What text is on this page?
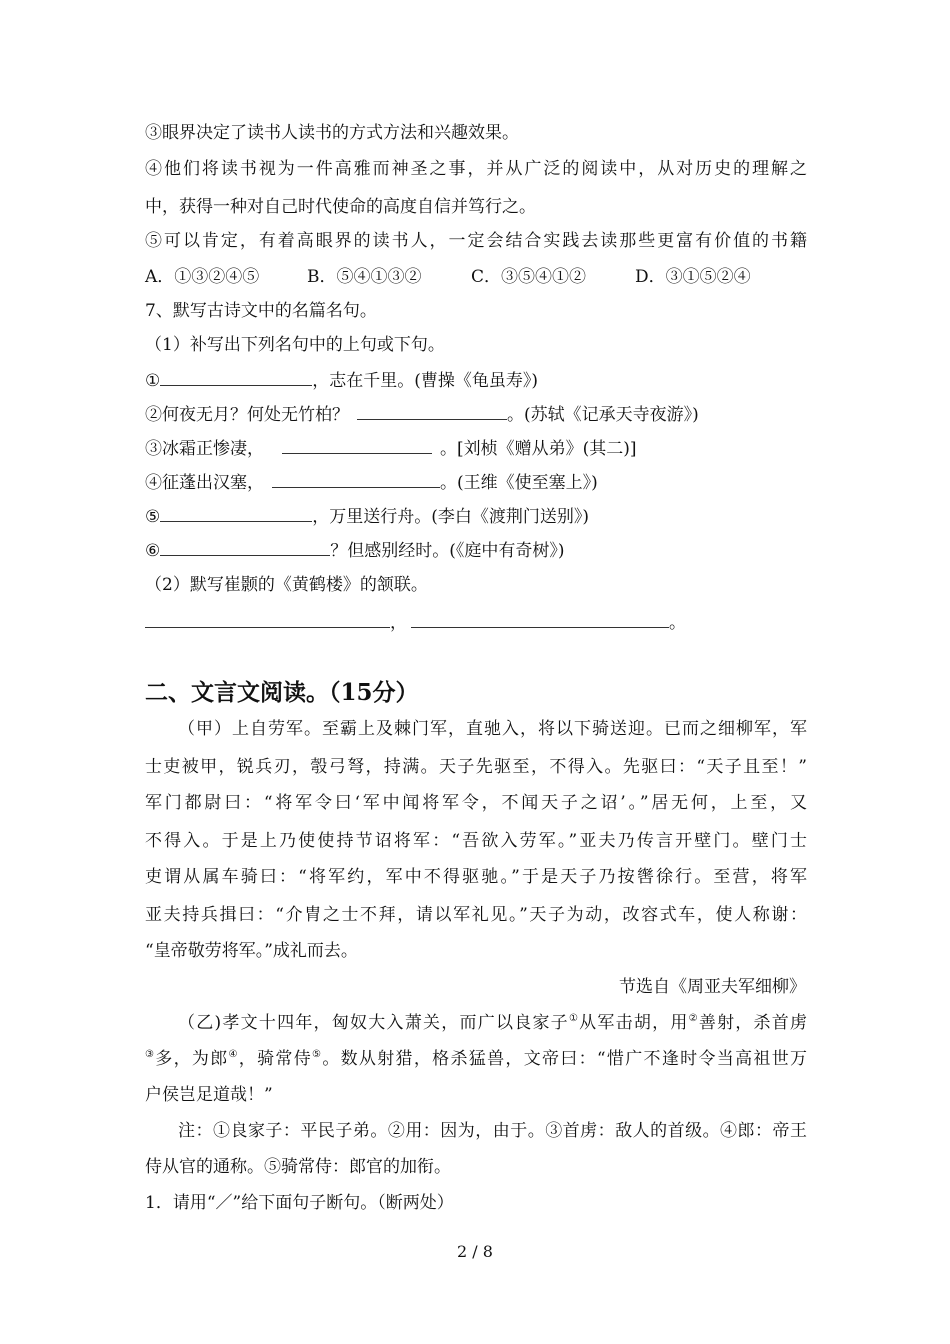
③眼界决定了读书人读书的方式方法和兴趣效果。
④他们将读书视为一件高雅而神圣之事，并从广泛的阅读中，从对历史的理解之
中，获得一种对自己时代使命的高度自信并笃行之。
⑤可以肯定，有着高眼界的读书人，一定会结合实践去读那些更富有价值的书籍
A．①③②④⑤	B．⑤④①③②	C．③⑤④①②	D．③①⑤②④
7、默写古诗文中的名篇名句。
（1）补写出下列名句中的上句或下句。
①	，志在千里。(曹操《龟虽寿》)
②何夜无月？何处无竹柏？	。(苏轼《记承天寺夜游》)
③冰霜正惨凄，	。[刘桢《赠从弟》(其二)]
④征蓬出汉塞，	。(王维《使至塞上》)
⑤	，万里送行舟。(李白《渡荆门送别》)
⑥	？但感别经时。(《庭中有奇树》)
（2）默写崔颢的《黄鹤楼》的颔联。
，	。
二、文言文阅读。（15分）
（甲）上自劳军。至霸上及棘门军，直驰入，将以下骑送迎。已而之细柳军，军
士吏被甲，锐兵刃，彀弓弩，持满。天子先驱至，不得入。先驱曰：“天子且至！”
军门都尉曰：“将军令曰‘军中闻将军令，不闻天子之诏’。”居无何，上至，又
不得入。于是上乃使使持节诏将军：“吾欲入劳军。”亚夫乃传言开壁门。壁门士
吏谓从属车骑曰：“将军约，军中不得驱驰。”于是天子乃按辔徐行。至营，将军
亚夫持兵揖曰：“介胄之士不拜，请以军礼见。”天子为动，改容式车，使人称谢：
“皇帝敬劳将军。”成礼而去。
节选自《周亚夫军细柳》
（乙)孝文十四年，匈奴大入萧关，而广以良家子①从军击胡，用②善射，杀首虏
③多，为郎④，骑常侍⑤。数从射猎，格杀猛兽，文帝曰：“惜广不逢时令当高祖世万
户侯岂足道哉！”
注：①良家子：平民子弟。②用：因为，由于。③首虏：敌人的首级。④郎：帝王
侍从官的通称。⑤骑常侍：郎官的加衔。
1．请用“／”给下面句子断句。（断两处）
2 / 8
